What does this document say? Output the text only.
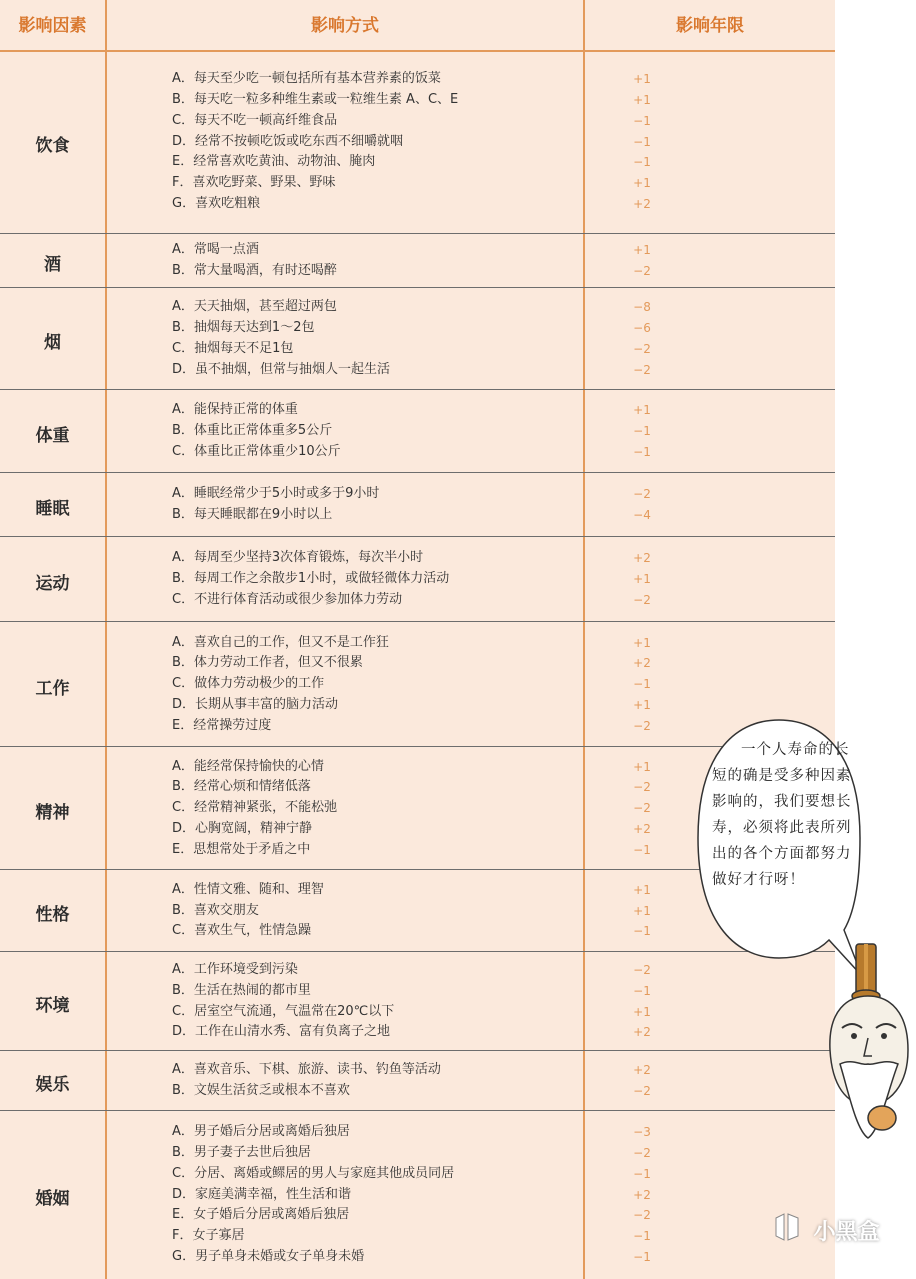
影响因素	影响方式	影响年限
饮食
A．每天至少吃一顿包括所有基本营养素的饭菜	+1
B．每天吃一粒多种维生素或一粒维生素 A、C、E	+1
C．每天不吃一顿高纤维食品	−1
D．经常不按顿吃饭或吃东西不细嚼就咽	−1
E．经常喜欢吃黄油、动物油、腌肉	−1
F．喜欢吃野菜、野果、野味	+1
G．喜欢吃粗粮	+2
酒
A．常喝一点酒	+1
B．常大量喝酒，有时还喝醉	−2
烟
A．天天抽烟，甚至超过两包	−8
B．抽烟每天达到1～2包	−6
C．抽烟每天不足1包	−2
D．虽不抽烟，但常与抽烟人一起生活	−2
体重
A．能保持正常的体重	+1
B．体重比正常体重多5公斤	−1
C．体重比正常体重少10公斤	−1
睡眠
A．睡眠经常少于5小时或多于9小时	−2
B．每天睡眠都在9小时以上	−4
运动
A．每周至少坚持3次体育锻炼，每次半小时	+2
B．每周工作之余散步1小时，或做轻微体力活动	+1
C．不进行体育活动或很少参加体力劳动	−2
工作
A．喜欢自己的工作，但又不是工作狂	+1
B．体力劳动工作者，但又不很累	+2
C．做体力劳动极少的工作	−1
D．长期从事丰富的脑力活动	+1
E．经常操劳过度	−2
精神
A．能经常保持愉快的心情	+1
B．经常心烦和情绪低落	−2
C．经常精神紧张，不能松弛	−2
D．心胸宽阔，精神宁静	+2
E．思想常处于矛盾之中	−1
性格
A．性情文雅、随和、理智	+1
B．喜欢交朋友	+1
C．喜欢生气，性情急躁	−1
环境
A．工作环境受到污染	−2
B．生活在热闹的都市里	−1
C．居室空气流通，气温常在20℃以下	+1
D．工作在山清水秀、富有负离子之地	+2
娱乐
A．喜欢音乐、下棋、旅游、读书、钓鱼等活动	+2
B．文娱生活贫乏或根本不喜欢	−2
婚姻
A．男子婚后分居或离婚后独居	−3
B．男子妻子去世后独居	−2
C．分居、离婚或鳏居的男人与家庭其他成员同居	−1
D．家庭美满幸福，性生活和谐	+2
E．女子婚后分居或离婚后独居	−2
F．女子寡居	−1
G．男子单身未婚或女子单身未婚	−1
一个人寿命的长短的确是受多种因素影响的，我们要想长寿，必须将此表所列出的各个方面都努力做好才行呀！
小黑盒
